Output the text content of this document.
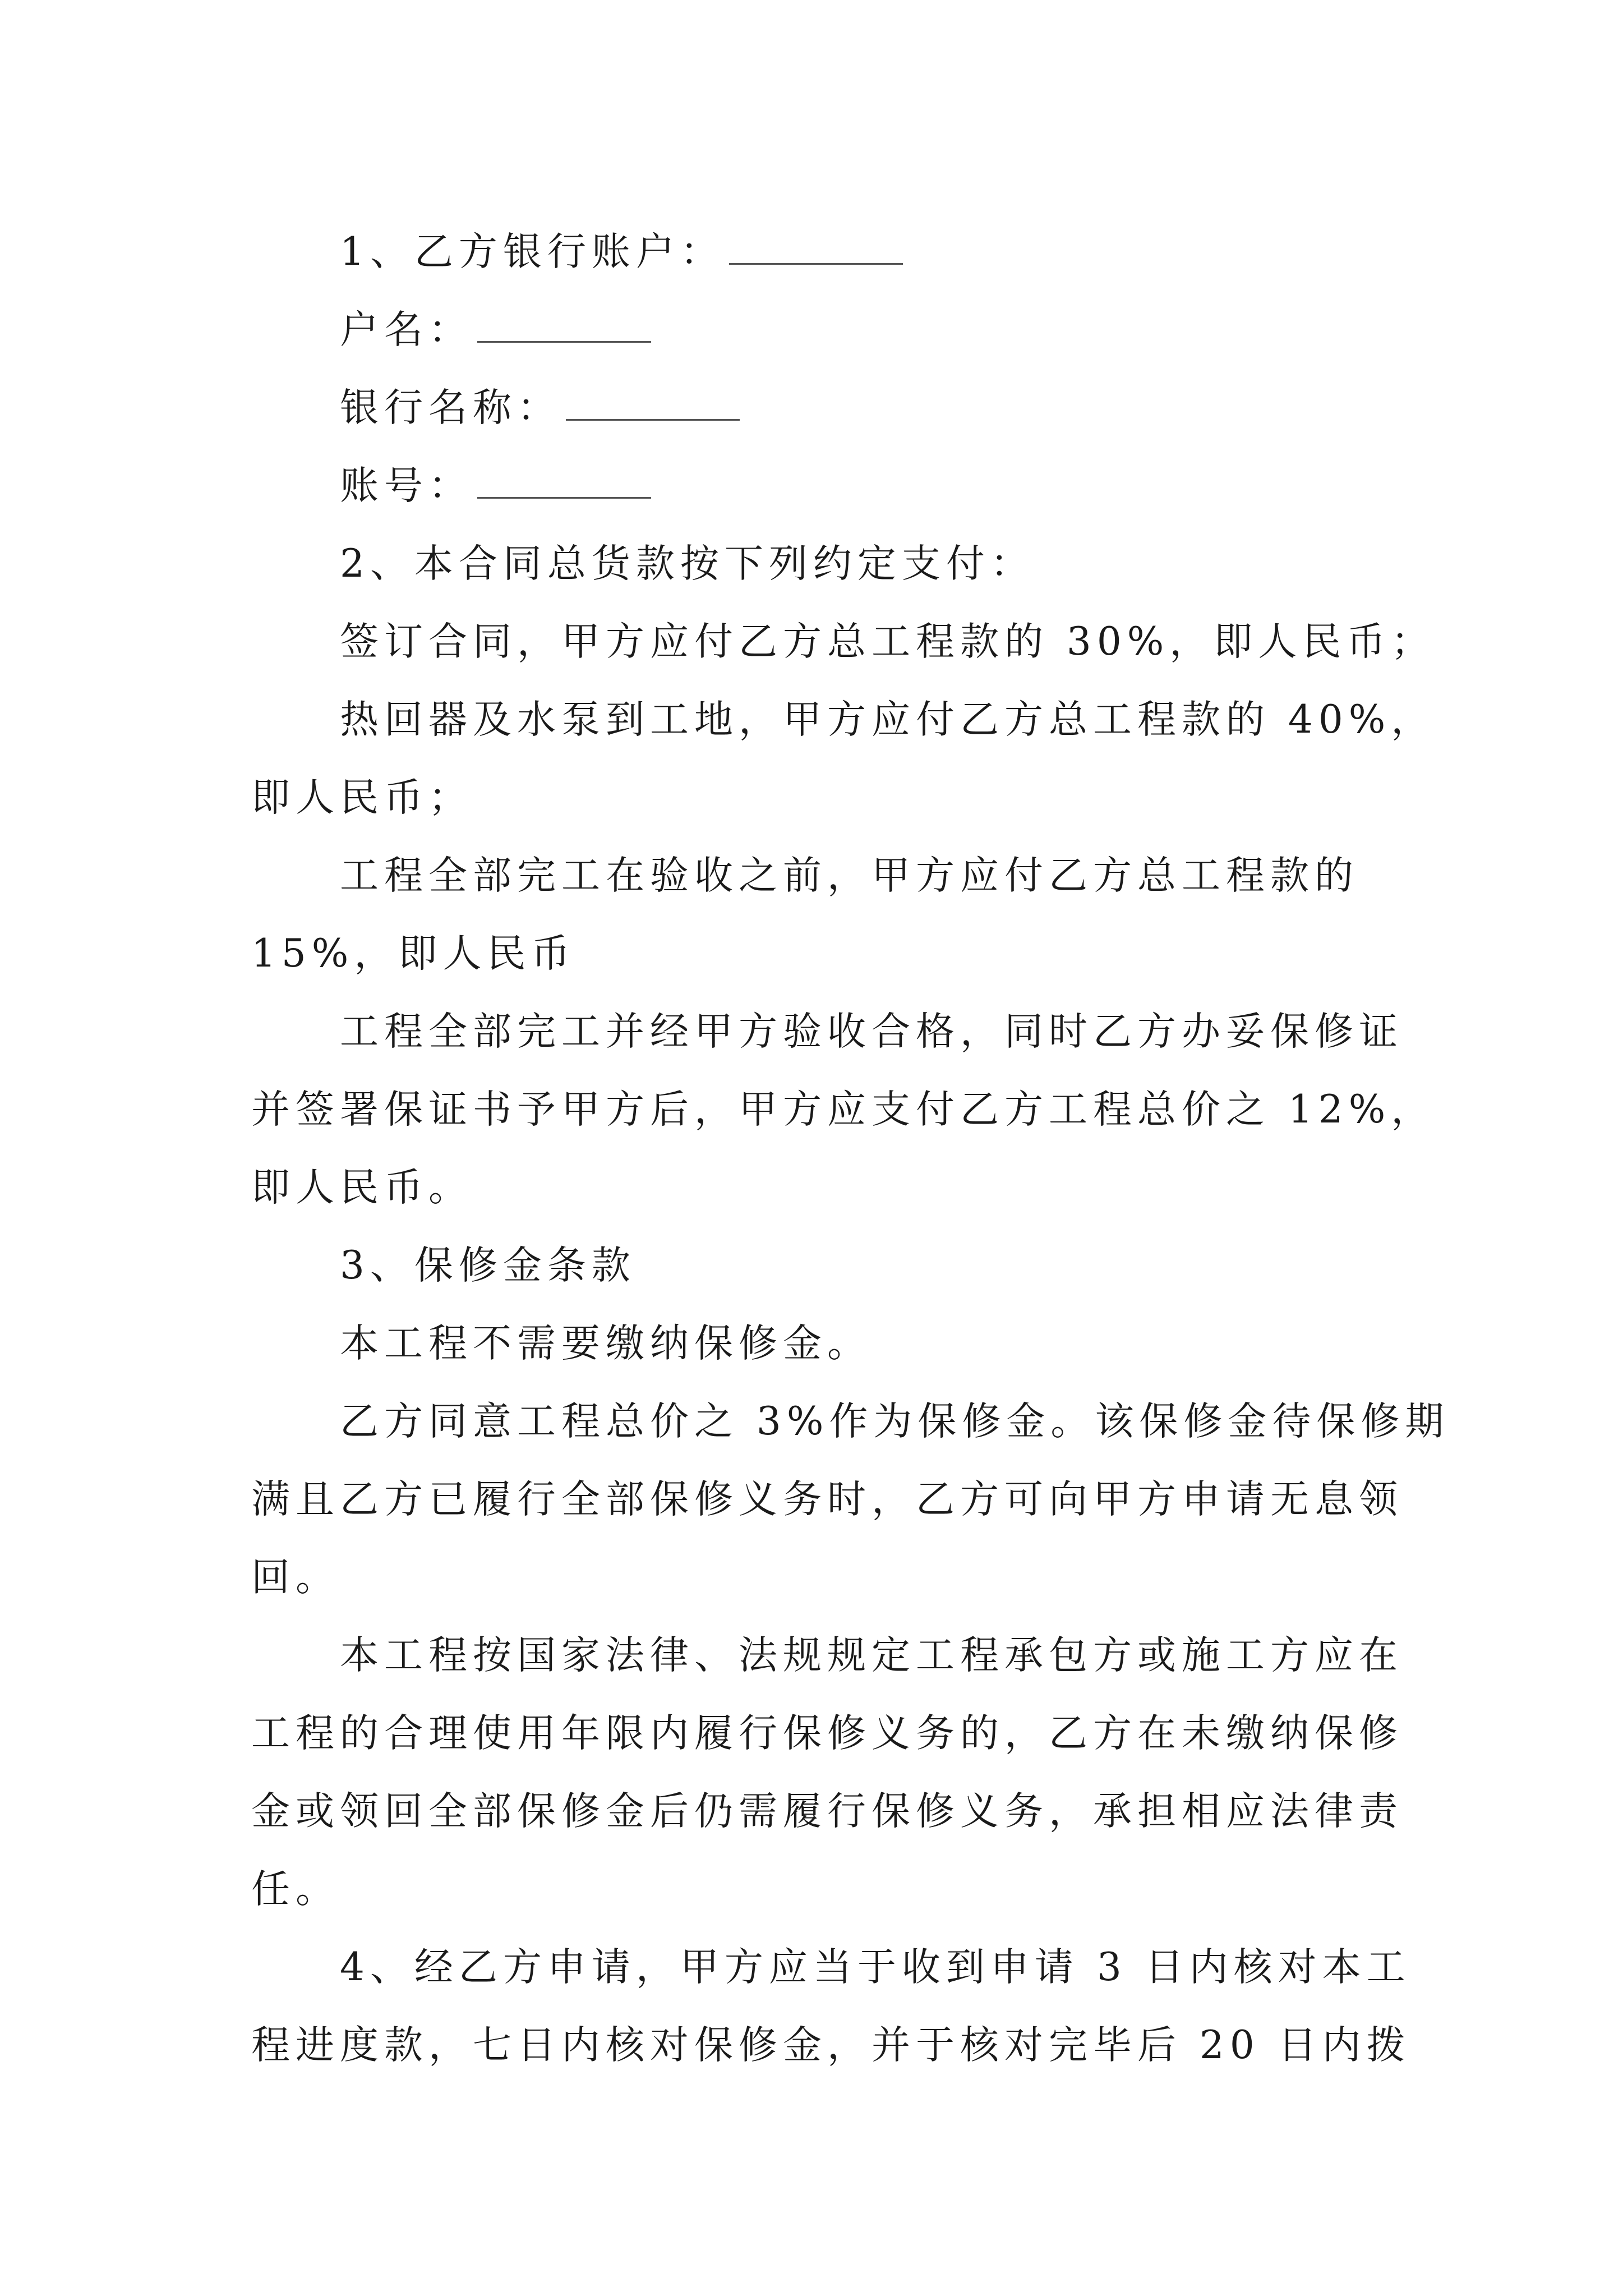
1、乙方银行账户：

户名：

银行名称：

账号：

2、本合同总货款按下列约定支付：

签订合同，甲方应付乙方总工程款的 30%，即人民币；

热回器及水泵到工地，甲方应付乙方总工程款的 40%，
即人民币；

工程全部完工在验收之前，甲方应付乙方总工程款的
15%，即人民币

工程全部完工并经甲方验收合格，同时乙方办妥保修证
并签署保证书予甲方后，甲方应支付乙方工程总价之 12%，
即人民币。

3、保修金条款

本工程不需要缴纳保修金。

乙方同意工程总价之 3%作为保修金。该保修金待保修期
满且乙方已履行全部保修义务时，乙方可向甲方申请无息领
回。

本工程按国家法律、法规规定工程承包方或施工方应在
工程的合理使用年限内履行保修义务的，乙方在未缴纳保修
金或领回全部保修金后仍需履行保修义务，承担相应法律责
任。

4、经乙方申请，甲方应当于收到申请 3 日内核对本工
程进度款，七日内核对保修金，并于核对完毕后 20 日内拨
